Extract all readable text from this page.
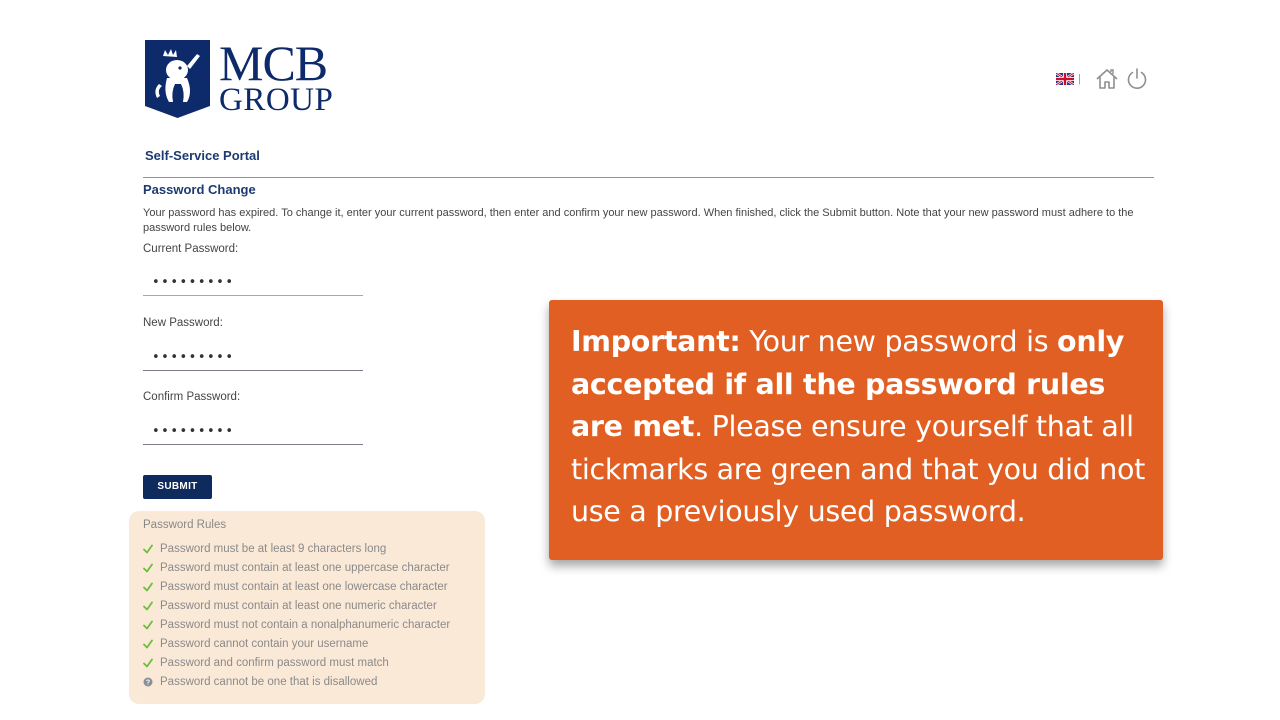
MCB
GROUP
|
Self-Service Portal
Password Change
Your password has expired. To change it, enter your current password, then enter and confirm your new password. When finished, click the Submit button. Note that your new password must adhere to the password rules below.
Current Password:
•••••••••
New Password:
•••••••••
Confirm Password:
•••••••••
SUBMIT
Password Rules
Password must be at least 9 characters long
Password must contain at least one uppercase character
Password must contain at least one lowercase character
Password must contain at least one numeric character
Password must not contain a nonalphanumeric character
Password cannot contain your username
Password and confirm password must match
? Password cannot be one that is disallowed
Important: Your new password is only accepted if all the password rules are met. Please ensure yourself that all tickmarks are green and that you did not use a previously used password.
